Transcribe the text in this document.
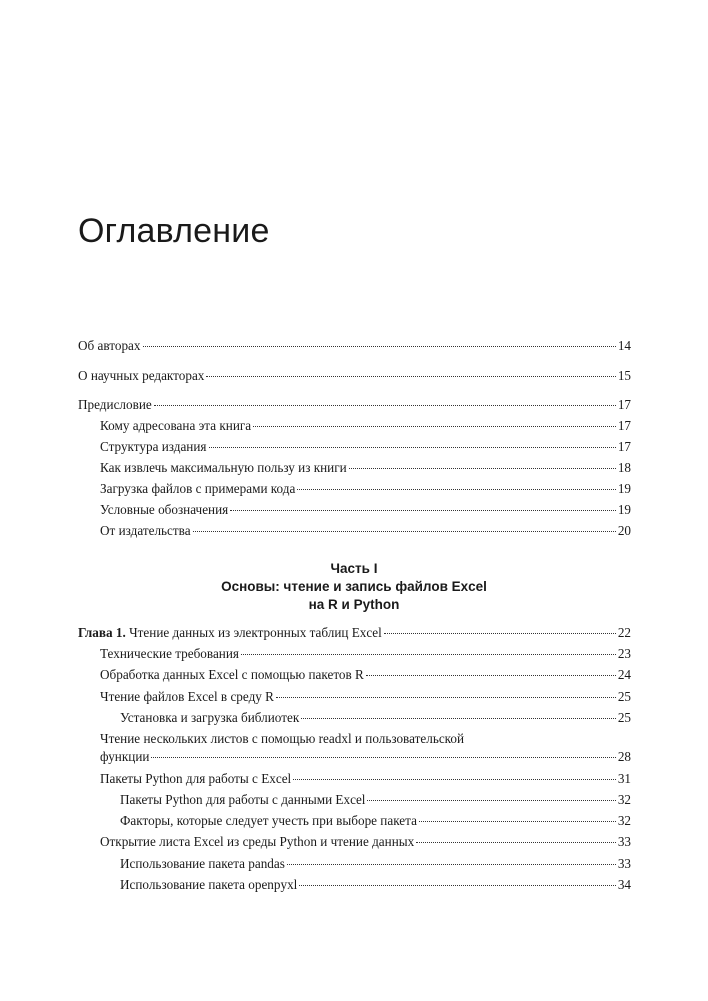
Оглавление
Об авторах	14
О научных редакторах	15
Предисловие	17
Кому адресована эта книга	17
Структура издания	17
Как извлечь максимальную пользу из книги	18
Загрузка файлов с примерами кода	19
Условные обозначения	19
От издательства	20
Часть I
Основы: чтение и запись файлов Excel
на R и Python
Глава 1. Чтение данных из электронных таблиц Excel	22
Технические требования	23
Обработка данных Excel с помощью пакетов R	24
Чтение файлов Excel в среду R	25
Установка и загрузка библиотек	25
Чтение нескольких листов с помощью readxl и пользовательской
функции	28
Пакеты Python для работы с Excel	31
Пакеты Python для работы с данными Excel	32
Факторы, которые следует учесть при выборе пакета	32
Открытие листа Excel из среды Python и чтение данных	33
Использование пакета pandas	33
Использование пакета openpyxl	34
